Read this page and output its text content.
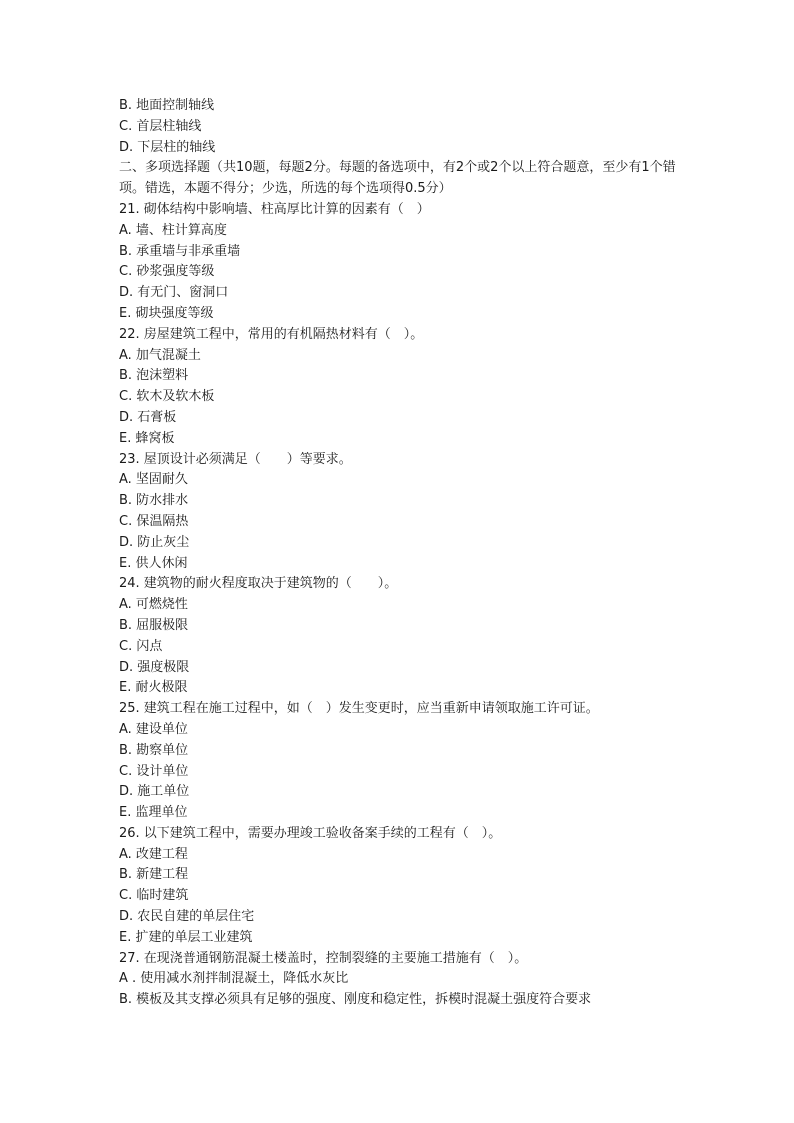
B. 地面控制轴线
C. 首层柱轴线
D. 下层柱的轴线
二、多项选择题（共10题，每题2分。每题的备选项中，有2个或2个以上符合题意，至少有1个错项。错选，本题不得分；少选，所选的每个选项得0.5分）
21. 砌体结构中影响墙、柱高厚比计算的因素有（　）
A. 墙、柱计算高度
B. 承重墙与非承重墙
C. 砂浆强度等级
D. 有无门、窗洞口
E. 砌块强度等级
22. 房屋建筑工程中，常用的有机隔热材料有（　）。
A. 加气混凝土
B. 泡沫塑料
C. 软木及软木板
D. 石膏板
E. 蜂窝板
23. 屋顶设计必须满足（　　）等要求。
A. 坚固耐久
B. 防水排水
C. 保温隔热
D. 防止灰尘
E. 供人休闲
24. 建筑物的耐火程度取决于建筑物的（　　）。
A. 可燃烧性
B. 屈服极限
C. 闪点
D. 强度极限
E. 耐火极限
25. 建筑工程在施工过程中，如（　）发生变更时，应当重新申请领取施工许可证。
A. 建设单位
B. 勘察单位
C. 设计单位
D. 施工单位
E. 监理单位
26. 以下建筑工程中，需要办理竣工验收备案手续的工程有（　）。
A. 改建工程
B. 新建工程
C. 临时建筑
D. 农民自建的单层住宅
E. 扩建的单层工业建筑
27. 在现浇普通钢筋混凝土楼盖时，控制裂缝的主要施工措施有（　）。
A . 使用减水剂拌制混凝土，降低水灰比
B. 模板及其支撑必须具有足够的强度、刚度和稳定性，拆模时混凝土强度符合要求
